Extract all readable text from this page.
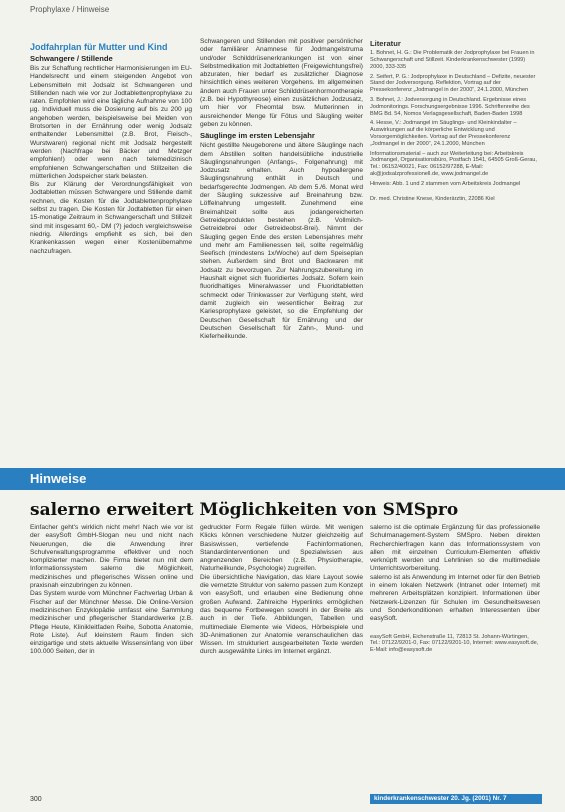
Prophylaxe / Hinweise
Jodfahrplan für Mutter und Kind
Schwangere / Stillende

Bis zur Schaffung rechtlicher Harmonisierungen im EU-Handelsrecht und einem steigenden Angebot von Lebensmitteln mit Jodsalz ist Schwangeren und Stillenden nach wie vor zur Jodtablettenprophylaxe zu raten. Empfohlen wird eine tägliche Aufnahme von 100 µg. Individuell muss die Dosierung auf bis zu 200 µg angehoben werden, beispielsweise bei Meiden von Brotsorten in der Ernährung oder wenig Jodsalz enthaltender Lebensmittel (z.B. Brot, Fleisch-, Wurstwaren) regional nicht mit Jodsalz hergestellt werden (Nachfrage bei Bäcker und Metzger empfohlen!) oder wenn nach telemedizinisch empfohlenen Schwangerschaften und Stillzeiten die mütterlichen Jodspeicher stark belasten.

Bis zur Klärung der Verordnungsfähigkeit von Jodtabletten müssen Schwangere und Stillende damit rechnen, die Kosten für die Jodtablettenprophylaxe selbst zu tragen. Die Kosten für Jodtabletten für einen 15-monatige Zeitraum in Schwangerschaft und Stillzeit sind mit insgesamt 60,- DM (?) jedoch vergleichsweise niedrig. Allerdings empfiehlt es sich, bei den Krankenkassen wegen einer Kostenübernahme nachzufragen.

Schwangeren und Stillenden mit positiver persönlicher oder familiärer Anamnese für Jodmangelstruma und/oder Schilddrüsenerkrankungen ist von einer Selbstmedikation mit Jodtabletten (Freigewichtungsfrei) abzuraten, hier bedarf es zusätzlicher Diagnose hinsichtlich eines weiteren Vorgehens. Im allgemeinen ändern auch Frauen unter Schilddrüsenhormontherapie (z.B. bei Hypothyreose) einen zusätzlichen Jodzusatz, um hier vor Fheomtal bsw. Mutterinnen in ausreichender Menge für Fötus und Säugling weiter geben zu können.

Säuglinge im ersten Lebensjahr

Nicht gestillte Neugeborene und ältere Säuglinge nach dem Abstillen sollten handelsübliche industrielle Säuglingsnahrungen (Anfangs-, Folgenahrung) mit Jodzusatz erhalten. Auch hypoallergene Säuglingsnahrung enthält in Deutsch und bedarfsgerechte Jodmengen. Ab dem 5./6. Monat wird der Säugling sukzessive auf Breinahrung bzw. Löffelnahrung umgestellt. Zunehmend eine Breimahlzeit sollte aus jodangereicherten Getreideprodukten bestehen (z.B. Vollmilch-Getreidebrei oder Getreideobst-Brei). Nimmt der Säugling gegen Ende des ersten Lebensjahres mehr und mehr am Familienessen teil, sollte regelmäßig Seefisch (mindestens 1x/Woche) auf dem Speiseplan stehen. Außerdem sind Brot und Backwaren mit Jodsalz zu bevorzugen. Zur Nahrungszubereitung im Haushalt eignet sich fluoridiertes Jodsalz. Sofern kein fluoridhaltiges Mineralwasser und Fluoridtabletten schmeckt oder Trinkwasser zur Verfügung steht, wird damit zugleich ein wesentlicher Beitrag zur Kariesprophylaxe geleistet, so die Empfehlung der Deutschen Gesellschaft für Ernährung und der Deutschen Gesellschaft für Zahn-, Mund- und Kieferheilkunde.

Literatur
1. Bohnet, H. G.: Die Problematik der Jodprophylaxe bei Frauen in Schwangerschaft und Stillzeit. Kinderkrankenschwester (1999) 2000, 333-335
2. Seifert, P. G.: Jodprophylaxe in Deutschland – Defizite, neuester Stand der Jodversorgung. Reflektion, Vortrag auf der Pressekonferenz „Jodmangel in der 2000“, 24.1.2000, München
3. Bohnet, J.: Jodversorgung in Deutschland. Ergebnisse eines Jodmonitorings. Forschungsergebnisse 1996. Schriftenreihe des BMG Bd. 54, Nomos Verlagsgesellschaft, Baden-Baden 1998
4. Hesse, V.: Jodmangel im Säuglings- und Kleinkindalter – Auswirkungen auf die körperliche Entwicklung und Vorsorgemöglichkeiten. Vortrag auf der Pressekonferenz „Jodmangel in der 2000“, 24.1.2000, München
Informationsmaterial – auch zur Weiterleitung bei: Arbeitskreis Jodmangel, Organisationsbüro, Postfach 1541, 64505 Groß-Gerau, Tel.: 06152/40021, Fax: 06152/97288, E-Mail: ak@jodsalzprofessionell.de, www.jodmangel.de
Hinweis: Abb. 1 und 2 stammen vom Arbeitskreis Jodmangel
Dr. med. Christine Knese, Kinderärztin, 22086 Kiel
Hinweise
salerno erweitert Möglichkeiten von SMSpro

Einfacher geht's wirklich nicht mehr! Nach wie vor ist der easySoft GmbH-Slogan neu und nicht nach Neuerungen, die die Anwendung ihrer Schulverwaltungsprogramme effektiver und noch komplizierter machen. Die Firma bietet nun mit dem Informationssystem salerno die Möglichkeit, medizinisches und pflegerisches Wissen online und praxisnah einzubringen zu können.

Das System wurde vom Münchner Fachverlag Urban & Fischer auf der Münchner Messe. Die Online-Version medizinischen Enzyklopädie umfasst eine Sammlung medizinischer und pflegerischer Standardwerke (z.B. Pflege Heute, Klinikleitfaden Reihe, Sobotta Anatomie, Rote Liste). Auf kleinstem Raum finden sich einzigartige und stets aktuelle Wissensinfang von über 100.000 Seiten, der in

gedruckter Form Regale füllen würde. Mit wenigen Klicks können verschiedene Nutzer gleichzeitig auf Basiswissen, vertiefende Fachinformationen, Standardinterventionen und Spezialwissen aus angrenzenden Bereichen (z.B. Physiotherapie, Naturheilkunde, Psychologie) zugreifen.

Die übersichtliche Navigation, das klare Layout sowie die vernetzte Struktur von salerno passen zum Konzept von easySoft, und erlauben eine Bedienung ohne großen Aufwand. Zahlreiche Hyperlinks ermöglichen das bequeme Fortbewegen sowohl in der Breite als auch in der Tiefe. Abbildungen, Tabellen und multimediale Elemente wie Videos, Hörbeispiele und 3D-Animationen zur Anatomie veranschaulichen das Wissen. Im strukturiert ausgearbeiteten Texte werden durch ausgewählte Links im Internet ergänzt.

salerno ist die optimale Ergänzung für das professionelle Schulmanagement-System SMSpro. Neben direkten Recherchierfragen kann das Informationssystem von allen mit einzelnen Curriculum-Elementen effektiv verknüpft werden und Lehrlinien so die multimediale Unterrichtsvorbereitung.

salerno ist als Anwendung im Internet oder für den Betrieb in einem lokalen Netzwerk (Intranet oder Internet) mit mehreren Arbeitsplätzen konzipiert. Informationen über Netzwerk-Lizenzen für Schulen im Gesundheitswesen und Sonderkonditionen erhalten Interessenten über easySoft.

easySoft GmbH, Eichenstraße 11, 72813 St. Johann-Würtingen, Tel.: 07122/9201-0, Fax: 07122/9201-10, Internet: www.easysoft.de, E-Mail: info@easysoft.de
300	kinderkrankenschwester 20. Jg. (2001) Nr. 7
